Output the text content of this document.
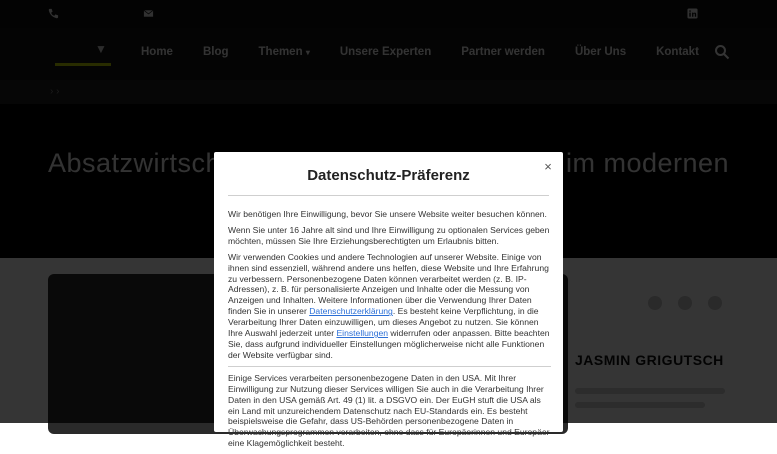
×
Datenschutz-Präferenz

Wir benötigen Ihre Einwilligung, bevor Sie unsere Website weiter besuchen können.

Wenn Sie unter 16 Jahre alt sind und Ihre Einwilligung zu optionalen Services geben möchten, müssen Sie Ihre Erziehungsberechtigten um Erlaubnis bitten.

Wir verwenden Cookies und andere Technologien auf unserer Website. Einige von ihnen sind essenziell, während andere uns helfen, diese Website und Ihre Erfahrung zu verbessern. Personenbezogene Daten können verarbeitet werden (z. B. IP-Adressen), z. B. für personalisierte Anzeigen und Inhalte oder die Messung von Anzeigen und Inhalten. Weitere Informationen über die Verwendung Ihrer Daten finden Sie in unserer Datenschutzerklärung. Es besteht keine Verpflichtung, in die Verarbeitung Ihrer Daten einzuwilligen, um dieses Angebot zu nutzen. Sie können Ihre Auswahl jederzeit unter Einstellungen widerrufen oder anpassen. Bitte beachten Sie, dass aufgrund individueller Einstellungen möglicherweise nicht alle Funktionen der Website verfügbar sind.

Einige Services verarbeiten personenbezogene Daten in den USA. Mit Ihrer Einwilligung zur Nutzung dieser Services willigen Sie auch in die Verarbeitung Ihrer Daten in den USA gemäß Art. 49 (1) lit. a DSGVO ein. Der EuGH stuft die USA als ein Land mit unzureichendem Datenschutz nach EU-Standards ein. Es besteht beispielsweise die Gefahr, dass US-Behörden personenbezogene Daten in Überwachungsprogrammen verarbeiten, ohne dass für Europäerinnen und Europäer eine Klagemöglichkeit besteht.
